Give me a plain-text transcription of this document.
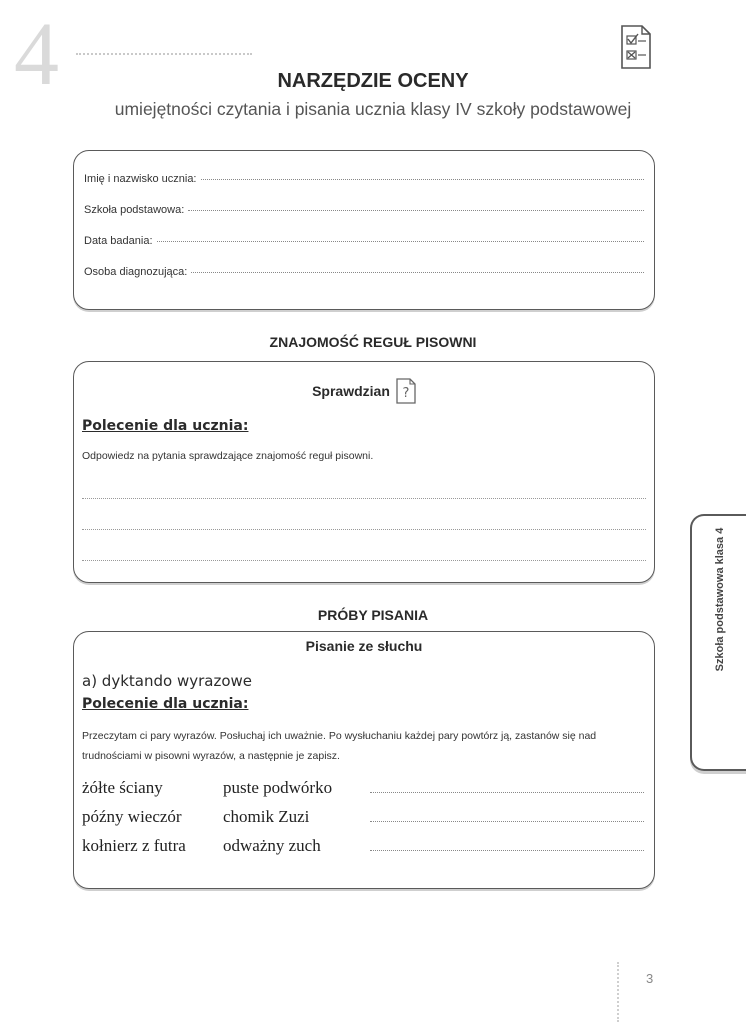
4	NARZĘDZIE OCENY
umiejętności czytania i pisania ucznia klasy IV szkoły podstawowej
Imię i nazwisko ucznia:
Szkoła podstawowa:
Data badania:
Osoba diagnozująca:
ZNAJOMOŚĆ REGUŁ PISOWNI
Sprawdzian ?
Polecenie dla ucznia:
Odpowiedz na pytania sprawdzające znajomość reguł pisowni.
PRÓBY PISANIA
Pisanie ze słuchu
a) dyktando wyrazowe
Polecenie dla ucznia:
Przeczytam ci pary wyrazów. Posłuchaj ich uważnie. Po wysłuchaniu każdej pary powtórz ją, zastanów się nad
trudnościami w pisowni wyrazów, a następnie je zapisz.
żółte ściany	puste podwórko
późny wieczór chomik Zuzi
kołnierz z futra odważny zuch
Szkoła podstawowa klasa 4
3
